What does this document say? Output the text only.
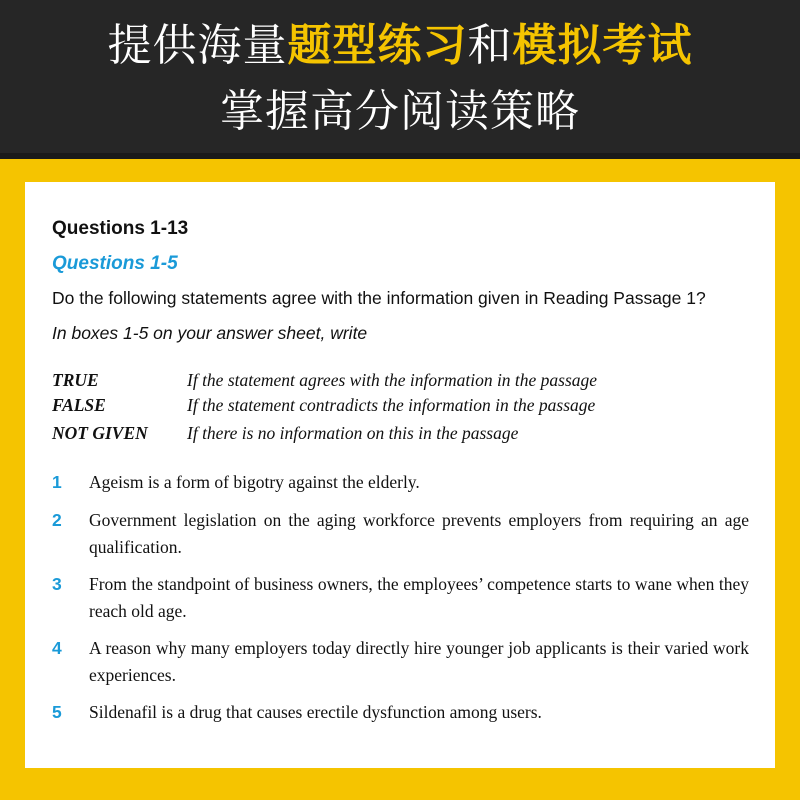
提供海量题型练习和模拟考试
掌握高分阅读策略
Questions 1-13
Questions 1-5
Do the following statements agree with the information given in Reading Passage 1?
In boxes 1-5 on your answer sheet, write
TRUE	If the statement agrees with the information in the passage
FALSE	If the statement contradicts the information in the passage
NOT GIVEN If there is no information on this in the passage
1 Ageism is a form of bigotry against the elderly.
2 Government legislation on the aging workforce prevents employers from requiring an age qualification.
3 From the standpoint of business owners, the employees’ competence starts to wane when they reach old age.
4 A reason why many employers today directly hire younger job applicants is their varied work experiences.
5 Sildenafil is a drug that causes erectile dysfunction among users.
